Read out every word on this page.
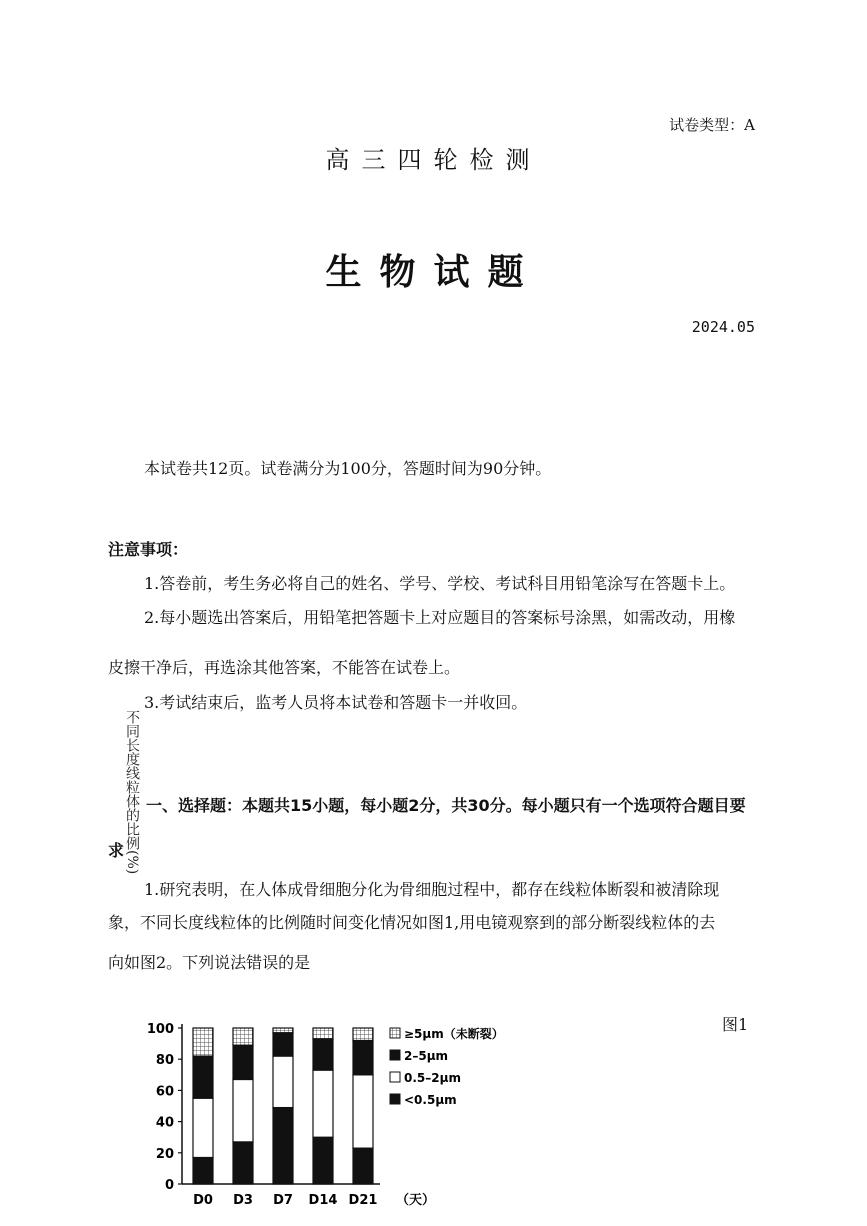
试卷类型：A
高三四轮检测
生物试题
2024.05
本试卷共12页。试卷满分为100分，答题时间为90分钟。
注意事项：
1.答卷前，考生务必将自己的姓名、学号、学校、考试科目用铅笔涂写在答题卡上。
2.每小题选出答案后，用铅笔把答题卡上对应题目的答案标号涂黑，如需改动，用橡
皮擦干净后，再选涂其他答案，不能答在试卷上。
3.考试结束后，监考人员将本试卷和答题卡一并收回。
不同长度线粒体的比例(%) 一、选择题：本题共15小题，每小题2分，共30分。每小题只有一个选项符合题目要
求
1.研究表明，在人体成骨细胞分化为骨细胞过程中，都存在线粒体断裂和被清除现
象，不同长度线粒体的比例随时间变化情况如图1,用电镜观察到的部分断裂线粒体的去
向如图2。下列说法错误的是
图1
0
20
40
60
80
100
D0 D3 D7 D14 D21 （天）
≥5μm（未断裂）
2–5μm
0.5–2μm
<0.5μm
